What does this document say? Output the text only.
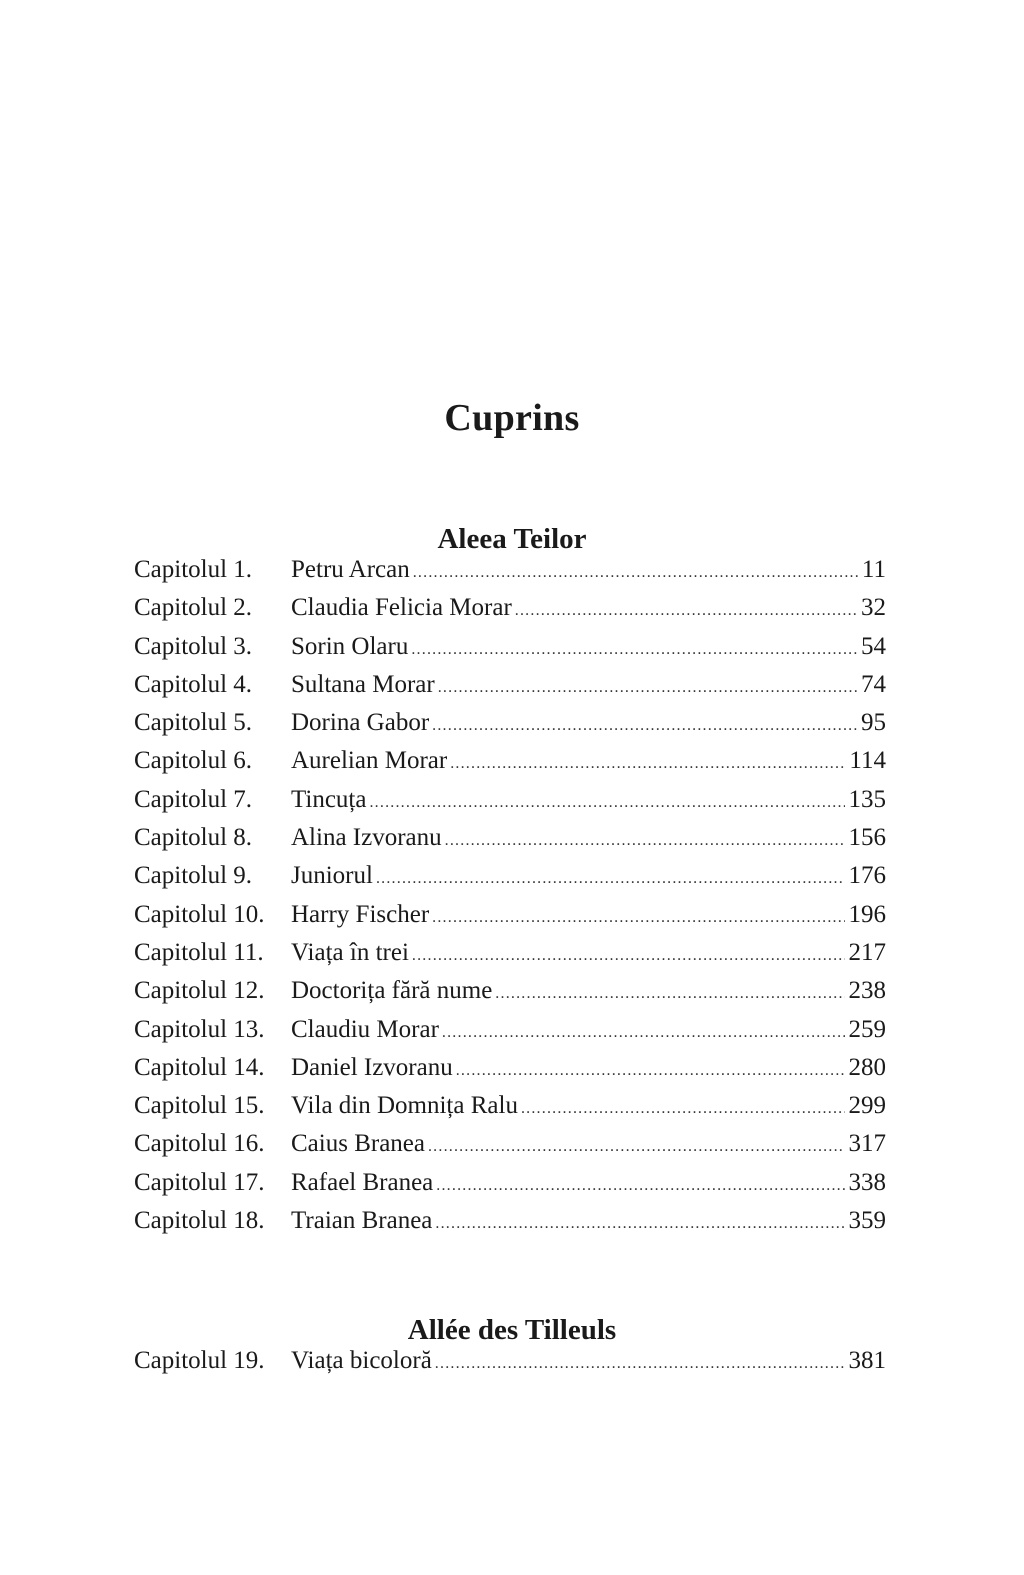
Cuprins
Aleea Teilor
Capitolul 1.	Petru Arcan .....	11
Capitolul 2.	Claudia Felicia Morar .....	32
Capitolul 3.	Sorin Olaru .....	54
Capitolul 4.	Sultana Morar .....	74
Capitolul 5.	Dorina Gabor .....	95
Capitolul 6.	Aurelian Morar .....	114
Capitolul 7.	Tincuța .....	135
Capitolul 8.	Alina Izvoranu .....	156
Capitolul 9.	Juniorul .....	176
Capitolul 10.	Harry Fischer .....	196
Capitolul 11.	Viața în trei .....	217
Capitolul 12.	Doctorița fără nume .....	238
Capitolul 13.	Claudiu Morar .....	259
Capitolul 14.	Daniel Izvoranu .....	280
Capitolul 15.	Vila din Domnița Ralu .....	299
Capitolul 16.	Caius Branea .....	317
Capitolul 17.	Rafael Branea .....	338
Capitolul 18.	Traian Branea .....	359
Allée des Tilleuls
Capitolul 19.	Viața bicoloră .....	381
